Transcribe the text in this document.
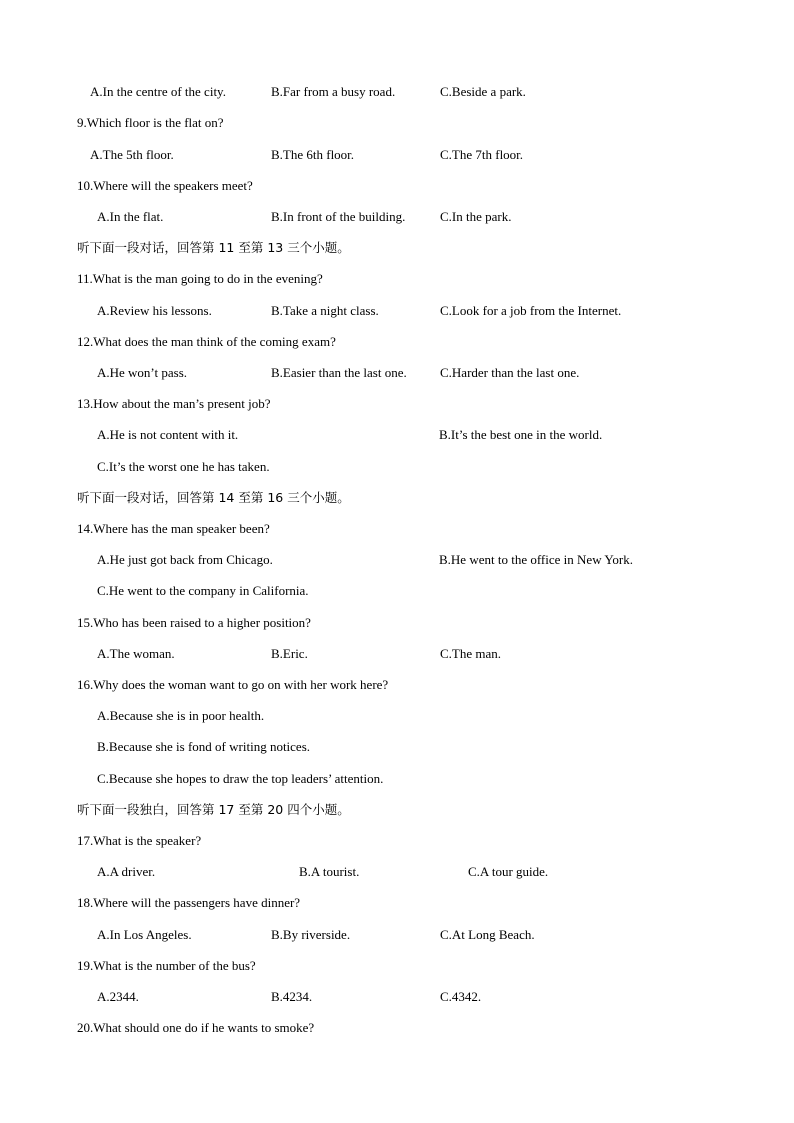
A.In the centre of the city.	B.Far from a busy road.	C.Beside a park.
9.Which floor is the flat on?
A.The 5th floor.	B.The 6th floor.	C.The 7th floor.
10.Where will the speakers meet?
A.In the flat.	B.In front of the building.	C.In the park.
听下面一段对话，回答第 11 至第 13 三个小题。
11.What is the man going to do in the evening?
A.Review his lessons.	B.Take a night class.	C.Look for a job from the Internet.
12.What does the man think of the coming exam?
A.He won’t pass.	B.Easier than the last one.	C.Harder than the last one.
13.How about the man’s present job?
A.He is not content with it.	B.It’s the best one in the world.
C.It’s the worst one he has taken.
听下面一段对话，回答第 14 至第 16 三个小题。
14.Where has the man speaker been?
A.He just got back from Chicago.	B.He went to the office in New York.
C.He went to the company in California.
15.Who has been raised to a higher position?
A.The woman.	B.Eric.	C.The man.
16.Why does the woman want to go on with her work here?
A.Because she is in poor health.
B.Because she is fond of writing notices.
C.Because she hopes to draw the top leaders’ attention.
听下面一段独白，回答第 17 至第 20 四个小题。
17.What is the speaker?
A.A driver.	B.A tourist.	C.A tour guide.
18.Where will the passengers have dinner?
A.In Los Angeles.	B.By riverside.	C.At Long Beach.
19.What is the number of the bus?
A.2344.	B.4234.	C.4342.
20.What should one do if he wants to smoke?
